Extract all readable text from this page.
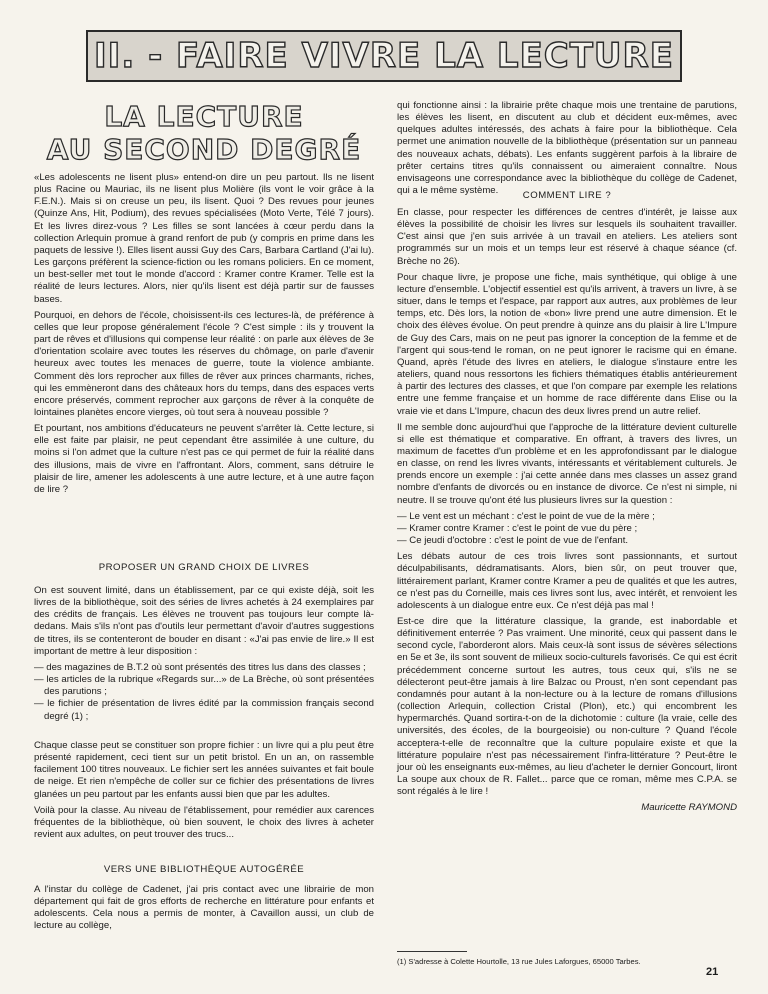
II. - FAIRE VIVRE LA LECTURE
LA LECTURE
AU SECOND DEGRÉ

«Les adolescents ne lisent plus» entend-on dire un peu partout. Ils ne lisent plus Racine ou Mauriac, ils ne lisent plus Molière (ils vont le voir grâce à la F.E.N.). Mais si on creuse un peu, ils lisent. Quoi ? Des revues pour jeunes (Quinze Ans, Hit, Podium), des revues spécialisées (Moto Verte, Télé 7 jours). Et les livres direz-vous ? Les filles se sont lancées à cœur perdu dans la collection Arlequin promue à grand renfort de pub (y compris en prime dans les paquets de lessive !). Elles lisent aussi Guy des Cars, Barbara Cartland (J'ai lu). Les garçons préfèrent la science-fiction ou les romans policiers. En ce moment, un best-seller met tout le monde d'accord : Kramer contre Kramer. Telle est la réalité de leurs lectures. Alors, nier qu'ils lisent est déjà partir sur de fausses bases.

Pourquoi, en dehors de l'école, choisissent-ils ces lectures-là, de préférence à celles que leur propose généralement l'école ? C'est simple : ils y trouvent la part de rêves et d'illusions qui compense leur réalité : on parle aux élèves de 3e d'orientation scolaire avec toutes les réserves du chômage, on parle d'avenir heureux avec toutes les menaces de guerre, toute la violence ambiante. Comment dès lors reprocher aux filles de rêver aux princes charmants, riches, qui les emmèneront dans des châteaux hors du temps, dans des espaces verts encore préservés, comment reprocher aux garçons de rêver à la conquête de lointaines planètes encore vierges, où tout sera à nouveau possible ?

Et pourtant, nos ambitions d'éducateurs ne peuvent s'arrêter là. Cette lecture, si elle est faite par plaisir, ne peut cependant être assimilée à une culture, du moins si l'on admet que la culture n'est pas ce qui permet de fuir la réalité dans des illusions, mais de vivre en l'affrontant. Alors, comment, sans détruire le plaisir de lire, amener les adolescents à une autre lecture, et à une autre façon de lire ?

PROPOSER UN GRAND CHOIX DE LIVRES

On est souvent limité, dans un établissement, par ce qui existe déjà, soit les livres de la bibliothèque, soit des séries de livres achetés à 24 exemplaires par des crédits de français. Les élèves ne trouvent pas toujours leur compte là-dedans. Mais s'ils n'ont pas d'outils leur permettant d'avoir d'autres suggestions de titres, ils se contenteront de bouder en disant : «J'ai pas envie de lire.» Il est important de mettre à leur disposition :

— des magazines de B.T.2 où sont présentés des titres lus dans des classes ;
— les articles de la rubrique «Regards sur...» de La Brèche, où sont présentées des parutions ;
— le fichier de présentation de livres édité par la commission français second degré (1) ;

Chaque classe peut se constituer son propre fichier : un livre qui a plu peut être présenté rapidement, ceci tient sur un petit bristol. En un an, on rassemble facilement 100 titres nouveaux. Le fichier sert les années suivantes et fait boule de neige. Et rien n'empêche de coller sur ce fichier des présentations de livres glanées un peu partout par les enfants aussi bien que par les adultes.

Voilà pour la classe. Au niveau de l'établissement, pour remédier aux carences fréquentes de la bibliothèque, où bien souvent, le choix des livres à acheter revient aux adultes, on peut trouver des trucs...

VERS UNE BIBLIOTHÈQUE AUTOGÉRÉE

A l'instar du collège de Cadenet, j'ai pris contact avec une librairie de mon département qui fait de gros efforts de recherche en littérature pour enfants et adolescents. Cela nous a permis de monter, à Cavaillon aussi, un club de lecture au collège,

qui fonctionne ainsi : la librairie prête chaque mois une trentaine de parutions, les élèves les lisent, en discutent au club et décident eux-mêmes, avec quelques adultes intéressés, des achats à faire pour la bibliothèque. Cela permet une animation nouvelle de la bibliothèque (présentation sur un panneau des nouveaux achats, débats). Les enfants suggèrent parfois à la libraire de prêter certains titres qu'ils connaissent ou aimeraient connaître. Nous envisageons une correspondance avec la bibliothèque du collège de Cadenet, qui a le même système.	COMMENT LIRE ?

En classe, pour respecter les différences de centres d'intérêt, je laisse aux élèves la possibilité de choisir les livres sur lesquels ils souhaitent travailler. C'est ainsi que j'en suis arrivée à un travail en ateliers. Les ateliers sont programmés sur un mois et un temps leur est réservé à chaque séance (cf. Brèche no 26).

Pour chaque livre, je propose une fiche, mais synthétique, qui oblige à une lecture d'ensemble. L'objectif essentiel est qu'ils arrivent, à travers un livre, à se situer, dans le temps et l'espace, par rapport aux autres, aux problèmes de leur temps, etc. Dès lors, la notion de «bon» livre prend une autre dimension. Et le choix des élèves évolue. On peut prendre à quinze ans du plaisir à lire L'Impure de Guy des Cars, mais on ne peut pas ignorer la conception de la femme et de l'argent qui sous-tend le roman, on ne peut ignorer le racisme qui en émane. Quand, après l'étude des livres en ateliers, le dialogue s'instaure entre les ateliers, quand nous ressortons les fichiers thématiques établis antérieurement à partir des lectures des classes, et que l'on compare par exemple les relations entre une femme française et un homme de race différente dans Elise ou la vraie vie et dans L'Impure, chacun des deux livres prend un autre relief.

Il me semble donc aujourd'hui que l'approche de la littérature devient culturelle si elle est thématique et comparative. En offrant, à travers des livres, un maximum de facettes d'un problème et en les approfondissant par le dialogue en classe, on rend les livres vivants, intéressants et véritablement culturels. Je prends encore un exemple : j'ai cette année dans mes classes un assez grand nombre d'enfants de divorcés ou en instance de divorce. Ce n'est ni simple, ni neutre. Il se trouve qu'ont été lus plusieurs livres sur la question :

— Le vent est un méchant : c'est le point de vue de la mère ;
— Kramer contre Kramer : c'est le point de vue du père ;
— Ce jeudi d'octobre : c'est le point de vue de l'enfant.

Les débats autour de ces trois livres sont passionnants, et surtout déculpabilisants, dédramatisants. Alors, bien sûr, on peut trouver que, littérairement parlant, Kramer contre Kramer a peu de qualités et que les autres, ce n'est pas du Corneille, mais ces livres sont lus, avec intérêt, et renvoient les adolescents à un dialogue entre eux. Ce n'est déjà pas mal !

Est-ce dire que la littérature classique, la grande, est inabordable et définitivement enterrée ? Pas vraiment. Une minorité, ceux qui passent dans le second cycle, l'aborderont alors. Mais ceux-là sont issus de sévères sélections en 5e et 3e, ils sont souvent de milieux socio-culturels favorisés. Ce qui est écrit précédemment concerne surtout les autres, tous ceux qui, s'ils ne se délecteront peut-être jamais à lire Balzac ou Proust, n'en sont cependant pas condamnés pour autant à la non-lecture ou à la lecture de romans d'illusions (collection Arlequin, collection Cristal (Plon), etc.) qui encombrent les hypermarchés. Quand sortira-t-on de la dichotomie : culture (la vraie, celle des universités, des écoles, de la bourgeoisie) ou non-culture ? Quand l'école acceptera-t-elle de reconnaître que la culture populaire existe et que la littérature populaire n'est pas nécessairement l'infra-littérature ? Peut-être le jour où les enseignants eux-mêmes, au lieu d'acheter le dernier Goncourt, liront La soupe aux choux de R. Fallet... parce que ce roman, même mes C.P.A. se sont régalés à le lire !

Mauricette RAYMOND
(1) S'adresse à Colette Hourtolle, 13 rue Jules Laforgues, 65000 Tarbes.
21
